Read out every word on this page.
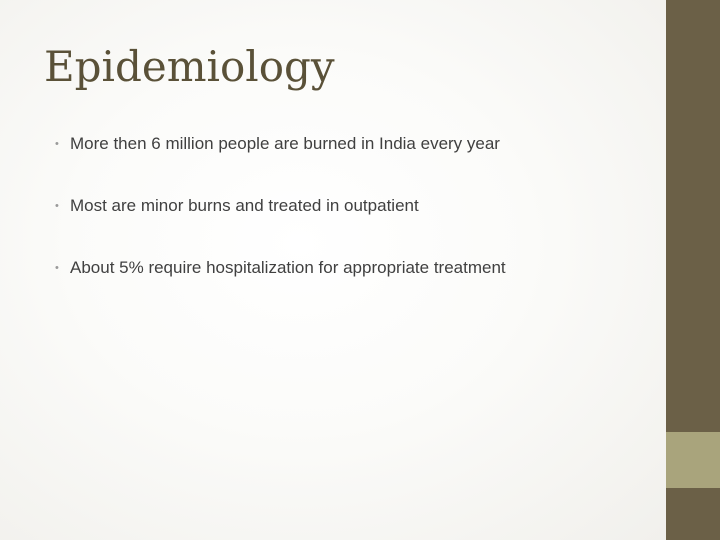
Epidemiology
• More then 6 million people are burned in India every year
• Most are minor burns and treated in outpatient
• About 5% require hospitalization for appropriate treatment
